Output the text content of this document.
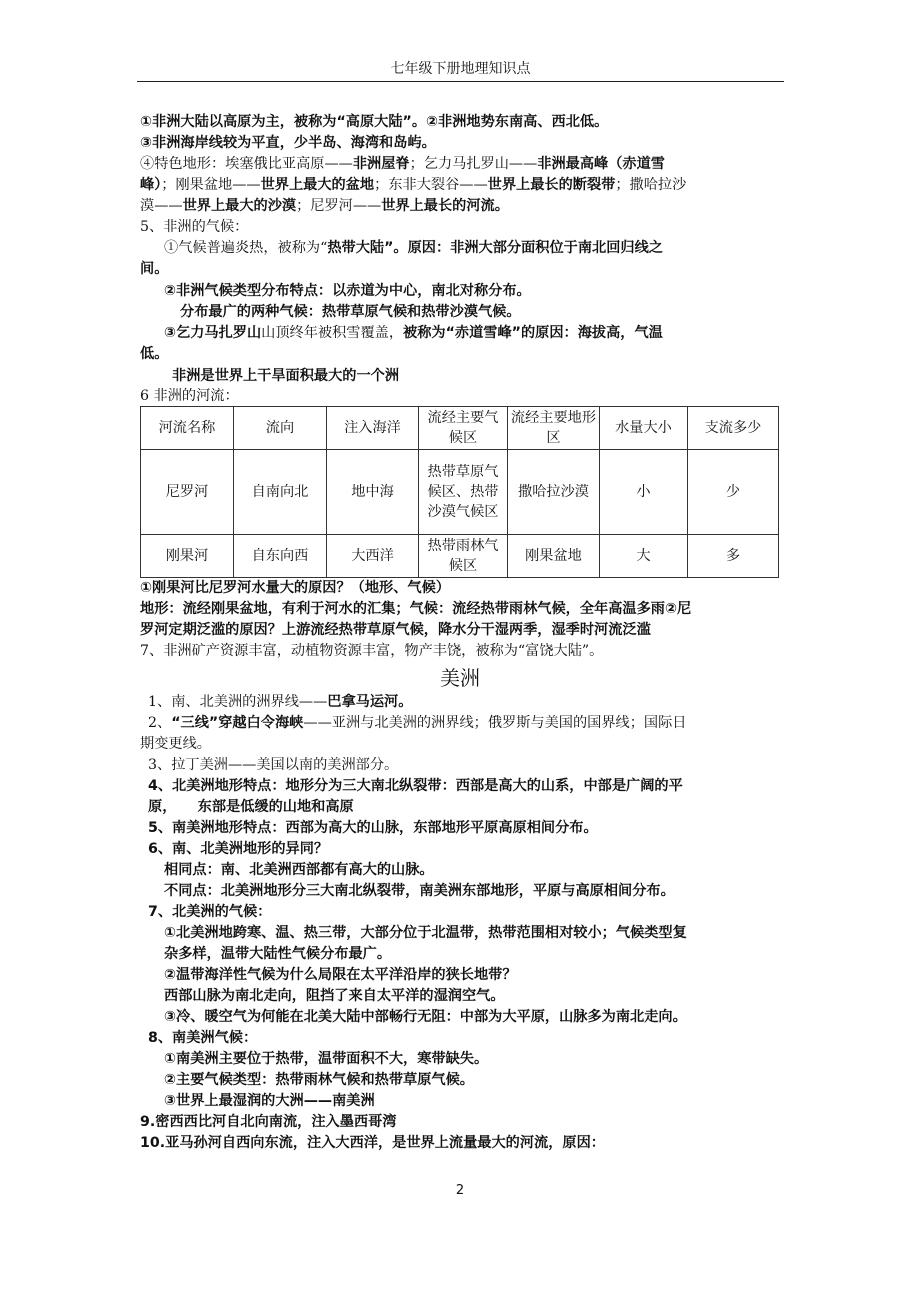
七年级下册地理知识点
①非洲大陆以高原为主，被称为“高原大陆”。②非洲地势东南高、西北低。
③非洲海岸线较为平直，少半岛、海湾和岛屿。
④特色地形：埃塞俄比亚高原——非洲屋脊；乞力马扎罗山——非洲最高峰（赤道雪
峰）；刚果盆地——世界上最大的盆地；东非大裂谷——世界上最长的断裂带；撒哈拉沙
漠——世界上最大的沙漠；尼罗河——世界上最长的河流。
5、非洲的气候：
①气候普遍炎热，被称为“热带大陆”。原因：非洲大部分面积位于南北回归线之
间。
②非洲气候类型分布特点：以赤道为中心，南北对称分布。
分布最广的两种气候：热带草原气候和热带沙漠气候。
③乞力马扎罗山山顶终年被积雪覆盖，被称为“赤道雪峰”的原因：海拔高，气温
低。
非洲是世界上干旱面积最大的一个洲
6 非洲的河流：
河流名称	流向	注入海洋	流经主要气候区	流经主要地形区	水量大小	支流多少
尼罗河	自南向北	地中海	热带草原气候区、热带沙漠气候区	撒哈拉沙漠	小	少
刚果河	自东向西	大西洋	热带雨林气候区	刚果盆地	大	多
①刚果河比尼罗河水量大的原因？（地形、气候）
地形：流经刚果盆地，有利于河水的汇集；气候：流经热带雨林气候，全年高温多雨②尼
罗河定期泛滥的原因？上游流经热带草原气候，降水分干湿两季，湿季时河流泛滥
7、非洲矿产资源丰富，动植物资源丰富，物产丰饶，被称为“富饶大陆”。
美洲
1、南、北美洲的洲界线——巴拿马运河。
2、“三线”穿越白令海峡——亚洲与北美洲的洲界线；俄罗斯与美国的国界线；国际日
期变更线。
3、拉丁美洲——美国以南的美洲部分。
4、北美洲地形特点：地形分为三大南北纵裂带：西部是高大的山系，中部是广阔的平
原，　　东部是低缓的山地和高原
5、南美洲地形特点：西部为高大的山脉，东部地形平原高原相间分布。
6、南、北美洲地形的异同？
相同点：南、北美洲西部都有高大的山脉。
不同点：北美洲地形分三大南北纵裂带，南美洲东部地形，平原与高原相间分布。
7、北美洲的气候：
①北美洲地跨寒、温、热三带，大部分位于北温带，热带范围相对较小；气候类型复
杂多样，温带大陆性气候分布最广。
②温带海洋性气候为什么局限在太平洋沿岸的狭长地带？
西部山脉为南北走向，阻挡了来自太平洋的湿润空气。
③冷、暖空气为何能在北美大陆中部畅行无阻：中部为大平原，山脉多为南北走向。
8、南美洲气候：
①南美洲主要位于热带，温带面积不大，寒带缺失。
②主要气候类型：热带雨林气候和热带草原气候。
③世界上最湿润的大洲——南美洲
9.密西西比河自北向南流，注入墨西哥湾
10.亚马孙河自西向东流，注入大西洋，是世界上流量最大的河流，原因：
2
